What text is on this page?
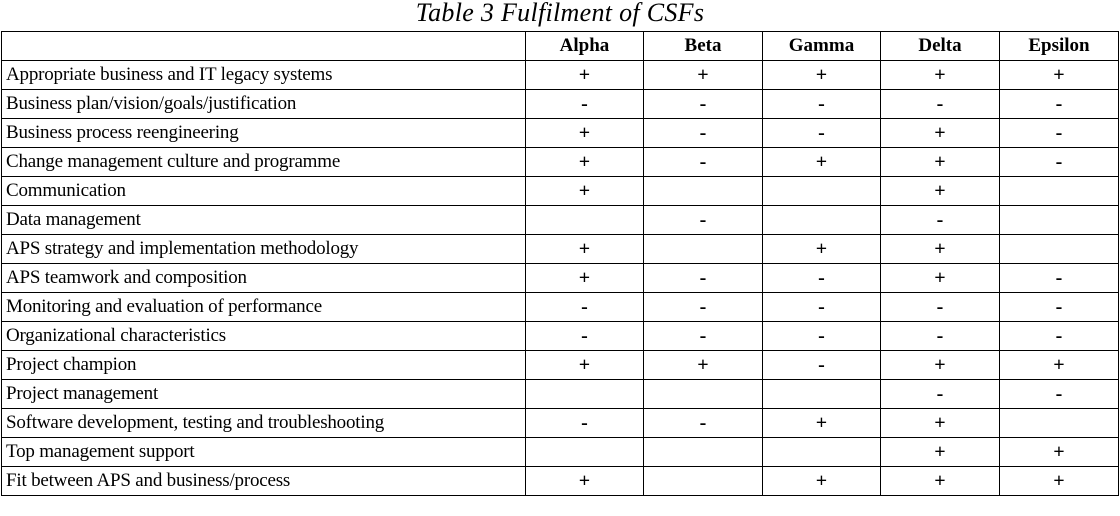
Table 3 Fulfilment of CSFs
	Alpha	Beta	Gamma	Delta	Epsilon
Appropriate business and IT legacy systems	+	+	+	+	+
Business plan/vision/goals/justification	-	-	-	-	-
Business process reengineering	+	-	-	+	-
Change management culture and programme	+	-	+	+	-
Communication	+			+	
Data management		-		-	
APS strategy and implementation methodology	+		+	+	
APS teamwork and composition	+	-	-	+	-
Monitoring and evaluation of performance	-	-	-	-	-
Organizational characteristics	-	-	-	-	-
Project champion	+	+	-	+	+
Project management				-	-
Software development, testing and troubleshooting	-	-	+	+	
Top management support				+	+
Fit between APS and business/process	+		+	+	+
